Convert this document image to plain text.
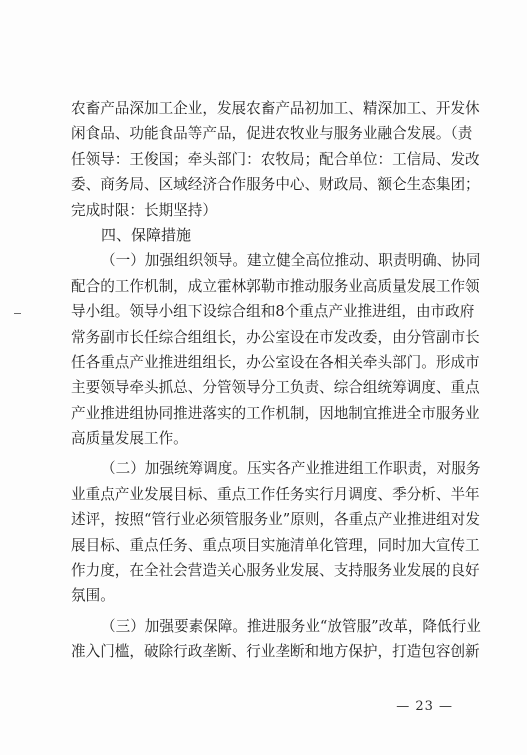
农畜产品深加工企业，发展农畜产品初加工、精深加工、开发休
闲食品、功能食品等产品，促进农牧业与服务业融合发展。（责
任领导：王俊国；牵头部门：农牧局；配合单位：工信局、发改
委、商务局、区域经济合作服务中心、财政局、额仑生态集团；
完成时限：长期坚持）
四、保障措施
（一）加强组织领导。建立健全高位推动、职责明确、协同
配合的工作机制，成立霍林郭勒市推动服务业高质量发展工作领
导小组。领导小组下设综合组和8个重点产业推进组，由市政府
常务副市长任综合组组长，办公室设在市发改委，由分管副市长
任各重点产业推进组组长，办公室设在各相关牵头部门。形成市
主要领导牵头抓总、分管领导分工负责、综合组统筹调度、重点
产业推进组协同推进落实的工作机制，因地制宜推进全市服务业
高质量发展工作。
（二）加强统筹调度。压实各产业推进组工作职责，对服务
业重点产业发展目标、重点工作任务实行月调度、季分析、半年
述评，按照“管行业必须管服务业”原则，各重点产业推进组对发
展目标、重点任务、重点项目实施清单化管理，同时加大宣传工
作力度，在全社会营造关心服务业发展、支持服务业发展的良好
氛围。
（三）加强要素保障。推进服务业“放管服”改革，降低行业
准入门槛，破除行政垄断、行业垄断和地方保护，打造包容创新
— 23 —
